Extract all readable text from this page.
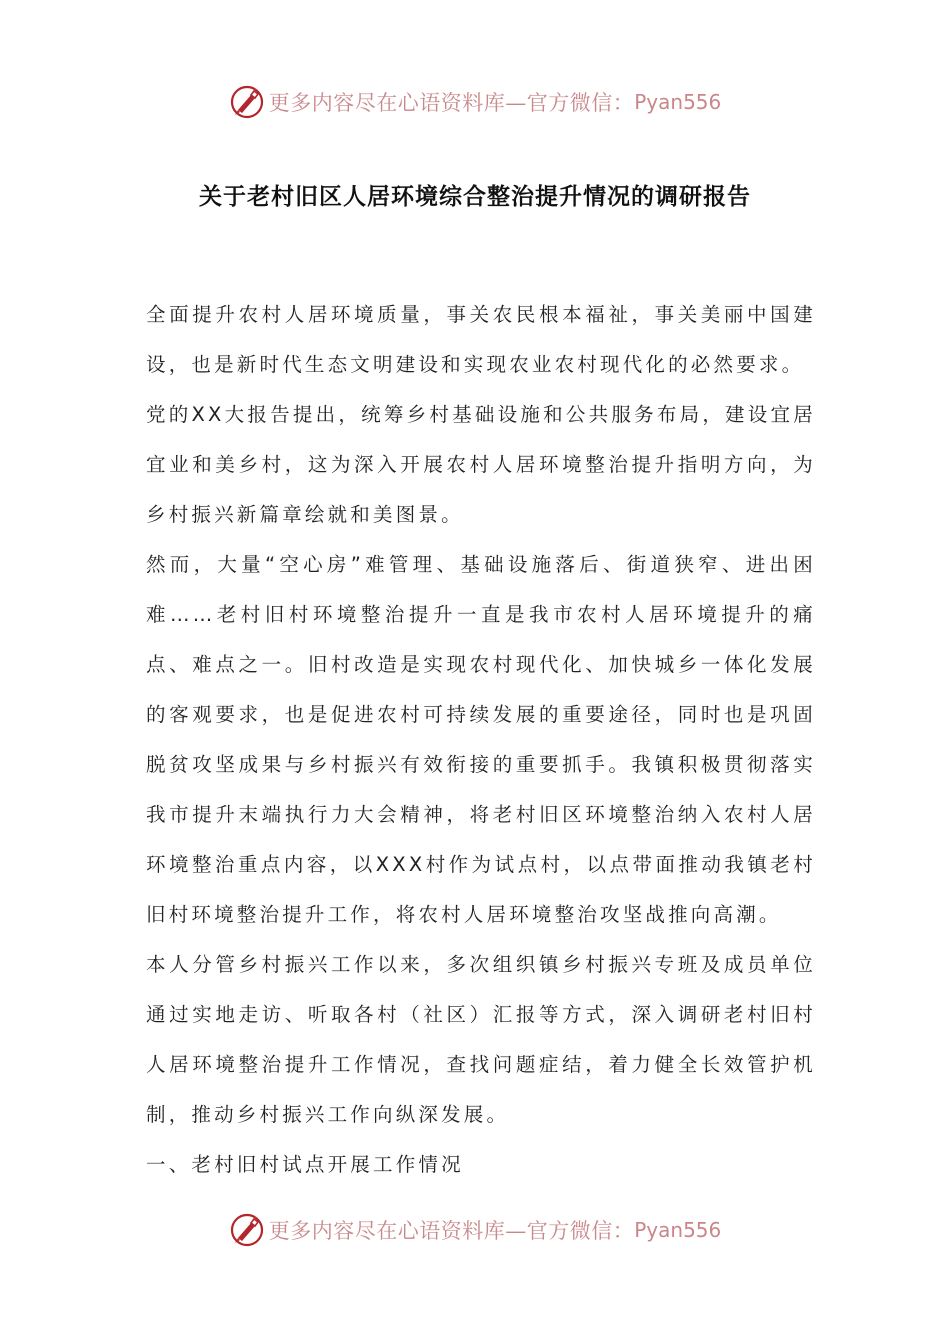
更多内容尽在心语资料库—官方微信： Pyan556
关于老村旧区人居环境综合整治提升情况的调研报告

全面提升农村人居环境质量，事关农民根本福祉，事关美丽中国建设，也是新时代生态文明建设和实现农业农村现代化的必然要求。

党的XX大报告提出，统筹乡村基础设施和公共服务布局，建设宜居宜业和美乡村，这为深入开展农村人居环境整治提升指明方向，为乡村振兴新篇章绘就和美图景。

然而，大量“空心房”难管理、基础设施落后、街道狭窄、进出困难……老村旧村环境整治提升一直是我市农村人居环境提升的痛点、难点之一。旧村改造是实现农村现代化、加快城乡一体化发展的客观要求，也是促进农村可持续发展的重要途径，同时也是巩固脱贫攻坚成果与乡村振兴有效衔接的重要抓手。我镇积极贯彻落实我市提升末端执行力大会精神，将老村旧区环境整治纳入农村人居环境整治重点内容，以XXX村作为试点村，以点带面推动我镇老村旧村环境整治提升工作，将农村人居环境整治攻坚战推向高潮。

本人分管乡村振兴工作以来，多次组织镇乡村振兴专班及成员单位通过实地走访、听取各村（社区）汇报等方式，深入调研老村旧村人居环境整治提升工作情况，查找问题症结，着力健全长效管护机制，推动乡村振兴工作向纵深发展。

一、老村旧村试点开展工作情况

更多内容尽在心语资料库—官方微信： Pyan556
